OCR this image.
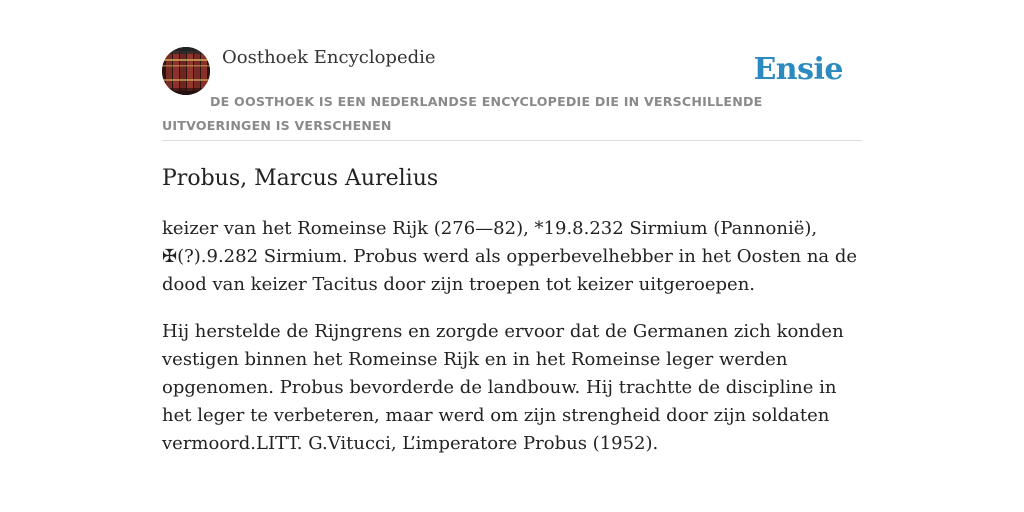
Oosthoek Encyclopedie	Ensie
DE OOSTHOEK IS EEN NEDERLANDSE ENCYCLOPEDIE DIE IN VERSCHILLENDE UITVOERINGEN IS VERSCHENEN
Probus, Marcus Aurelius

keizer van het Romeinse Rijk (276—82), *19.8.232 Sirmium (Pannonië), ✠(?).9.282 Sirmium. Probus werd als opperbevelhebber in het Oosten na de dood van keizer Tacitus door zijn troepen tot keizer uitgeroepen.

Hij herstelde de Rijngrens en zorgde ervoor dat de Germanen zich konden vestigen binnen het Romeinse Rijk en in het Romeinse leger werden opgenomen. Probus bevorderde de landbouw. Hij trachtte de discipline in het leger te verbeteren, maar werd om zijn strengheid door zijn soldaten vermoord.LITT. G.Vitucci, L’imperatore Probus (1952).
